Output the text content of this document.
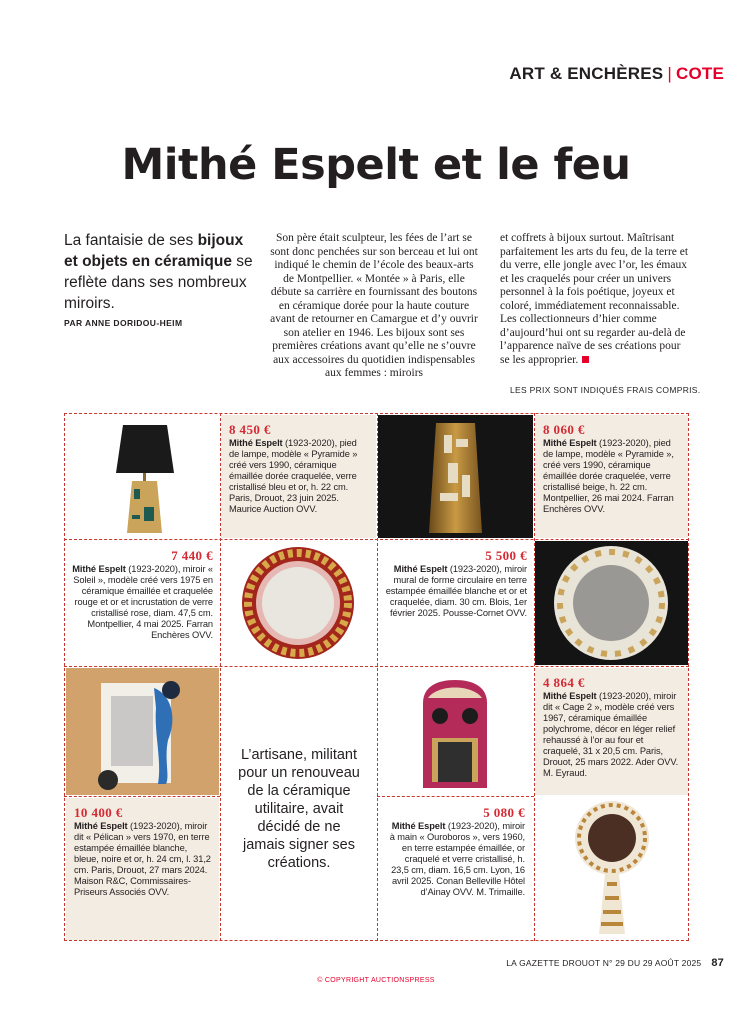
ART & ENCHÈRES | COTE
Mithé Espelt et le feu
La fantaisie de ses bijoux et objets en céramique se reflète dans ses nombreux miroirs.
PAR ANNE DORIDOU-HEIM
Son père était sculpteur, les fées de l’art se sont donc penchées sur son berceau et lui ont indiqué le chemin de l’école des beaux-arts de Montpellier. « Montée » à Paris, elle débute sa carrière en fournissant des boutons en céramique dorée pour la haute couture avant de retourner en Camargue et d’y ouvrir son atelier en 1946. Les bijoux sont ses premières créations avant qu’elle ne s’ouvre aux accessoires du quotidien indispensables aux femmes : miroirs
et coffrets à bijoux surtout. Maîtrisant parfaitement les arts du feu, de la terre et du verre, elle jongle avec l’or, les émaux et les craquelés pour créer un univers personnel à la fois poétique, joyeux et coloré, immédiatement reconnaissable. Les collectionneurs d’hier comme d’aujourd’hui ont su regarder au-delà de l’apparence naïve de ses créations pour se les approprier.
LES PRIX SONT INDIQUÉS FRAIS COMPRIS.
8 450 €
Mithé Espelt (1923-2020), pied de lampe, modèle « Pyramide » créé vers 1990, céramique émaillée dorée craquelée, verre cristallisé bleu et or, h. 22 cm. Paris, Drouot, 23 juin 2025. Maurice Auction OVV.
8 060 €
Mithé Espelt (1923-2020), pied de lampe, modèle « Pyramide », créé vers 1990, céramique émaillée dorée craquelée, verre cristallisé beige, h. 22 cm. Montpellier, 26 mai 2024. Farran Enchères OVV.
7 440 €
Mithé Espelt (1923-2020), miroir « Soleil », modèle créé vers 1975 en céramique émaillée et craquelée rouge et or et incrustation de verre cristallisé rose, diam. 47,5 cm. Montpellier, 4 mai 2025. Farran Enchères OVV.
5 500 €
Mithé Espelt (1923-2020), miroir mural de forme circulaire en terre estampée émaillée blanche et or et craquelée, diam. 30 cm. Blois, 1er février 2025. Pousse-Cornet OVV.
L’artisane, militant pour un renouveau de la céramique utilitaire, avait décidé de ne jamais signer ses créations.
4 864 €
Mithé Espelt (1923-2020), miroir dit « Cage 2 », modèle créé vers 1967, céramique émaillée polychrome, décor en léger relief rehaussé à l’or au four et craquelé, 31 x 20,5 cm. Paris, Drouot, 25 mars 2022. Ader OVV. M. Eyraud.
10 400 €
Mithé Espelt (1923-2020), miroir dit « Pélican » vers 1970, en terre estampée émaillée blanche, bleue, noire et or, h. 24 cm, l. 31,2 cm. Paris, Drouot, 27 mars 2024. Maison R&C, Commissaires-Priseurs Associés OVV.
5 080 €
Mithé Espelt (1923-2020), miroir à main « Ouroboros », vers 1960, en terre estampée émaillée, or craquelé et verre cristallisé, h. 23,5 cm, diam. 16,5 cm. Lyon, 16 avril 2025. Conan Belleville Hôtel d’Ainay OVV. M. Trimaille.
LA GAZETTE DROUOT N° 29 DU 29 AOÛT 2025 87
© COPYRIGHT AUCTIONSPRESS
